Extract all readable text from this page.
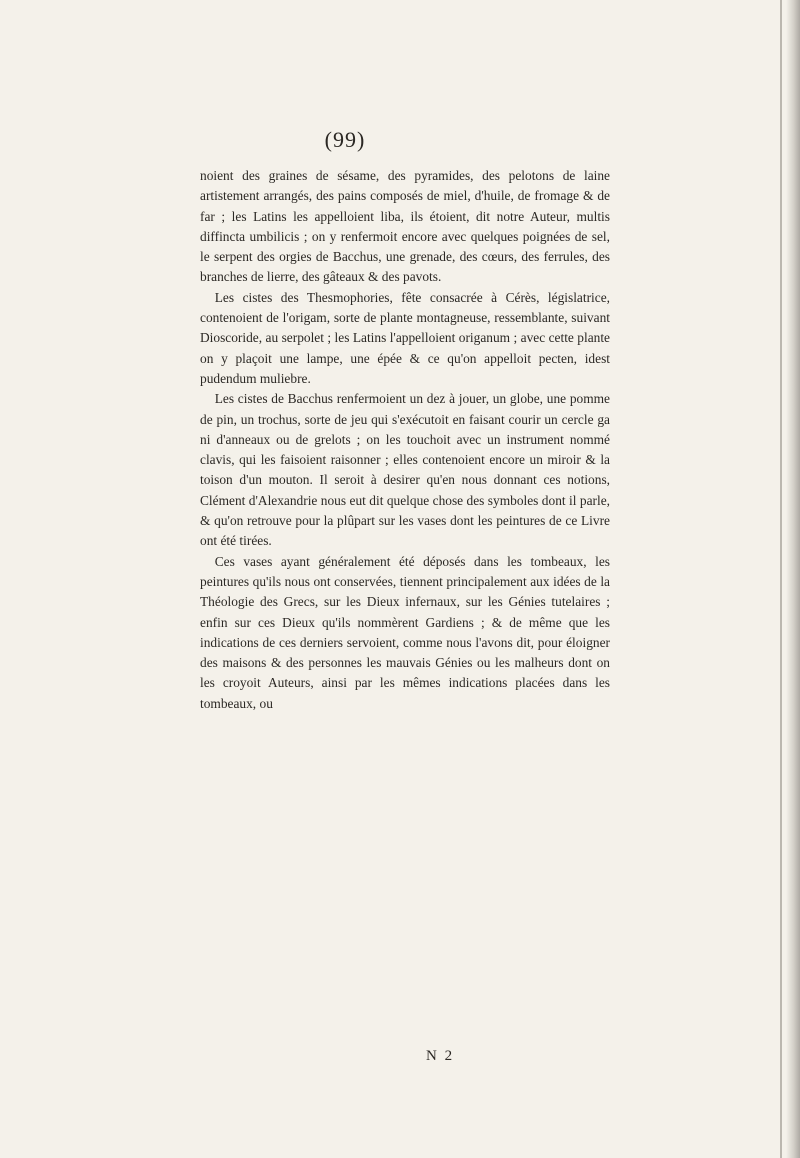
(99)

noient des graines de sésame, des pyramides, des pelotons de laine artistement arrangés, des pains composés de miel, d'huile, de fromage & de far ; les Latins les appelloient liba, ils étoient, dit notre Auteur, multis diffincta umbilicis ; on y renfermoit encore avec quelques poignées de sel, le serpent des orgies de Bacchus, une grenade, des cœurs, des ferrules, des branches de lierre, des gâteaux & des pavots.

Les cistes des Thesmophories, fête consacrée à Cérès, législatrice, contenoient de l'origam, sorte de plante montagneuse, ressemblante, suivant Dioscoride, au serpolet ; les Latins l'appelloient origanum ; avec cette plante on y plaçoit une lampe, une épée & ce qu'on appelloit pecten, idest pudendum muliebre.

Les cistes de Bacchus renfermoient un dez à jouer, un globe, une pomme de pin, un trochus, sorte de jeu qui s'exécutoit en faisant courir un cercle ga ni d'anneaux ou de grelots ; on les touchoit avec un instrument nommé clavis, qui les faisoient raisonner ; elles contenoient encore un miroir & la toison d'un mouton. Il seroit à desirer qu'en nous donnant ces notions, Clément d'Alexandrie nous eut dit quelque chose des symboles dont il parle, & qu'on retrouve pour la plûpart sur les vases dont les peintures de ce Livre ont été tirées.

Ces vases ayant généralement été déposés dans les tombeaux, les peintures qu'ils nous ont conservées, tiennent principalement aux idées de la Théologie des Grecs, sur les Dieux infernaux, sur les Génies tutelaires ; enfin sur ces Dieux qu'ils nommèrent Gardiens ; & de même que les indications de ces derniers servoient, comme nous l'avons dit, pour éloigner des maisons & des personnes les mauvais Génies ou les malheurs dont on les croyoit Auteurs, ainsi par les mêmes indications placées dans les tombeaux, ou

N 2
